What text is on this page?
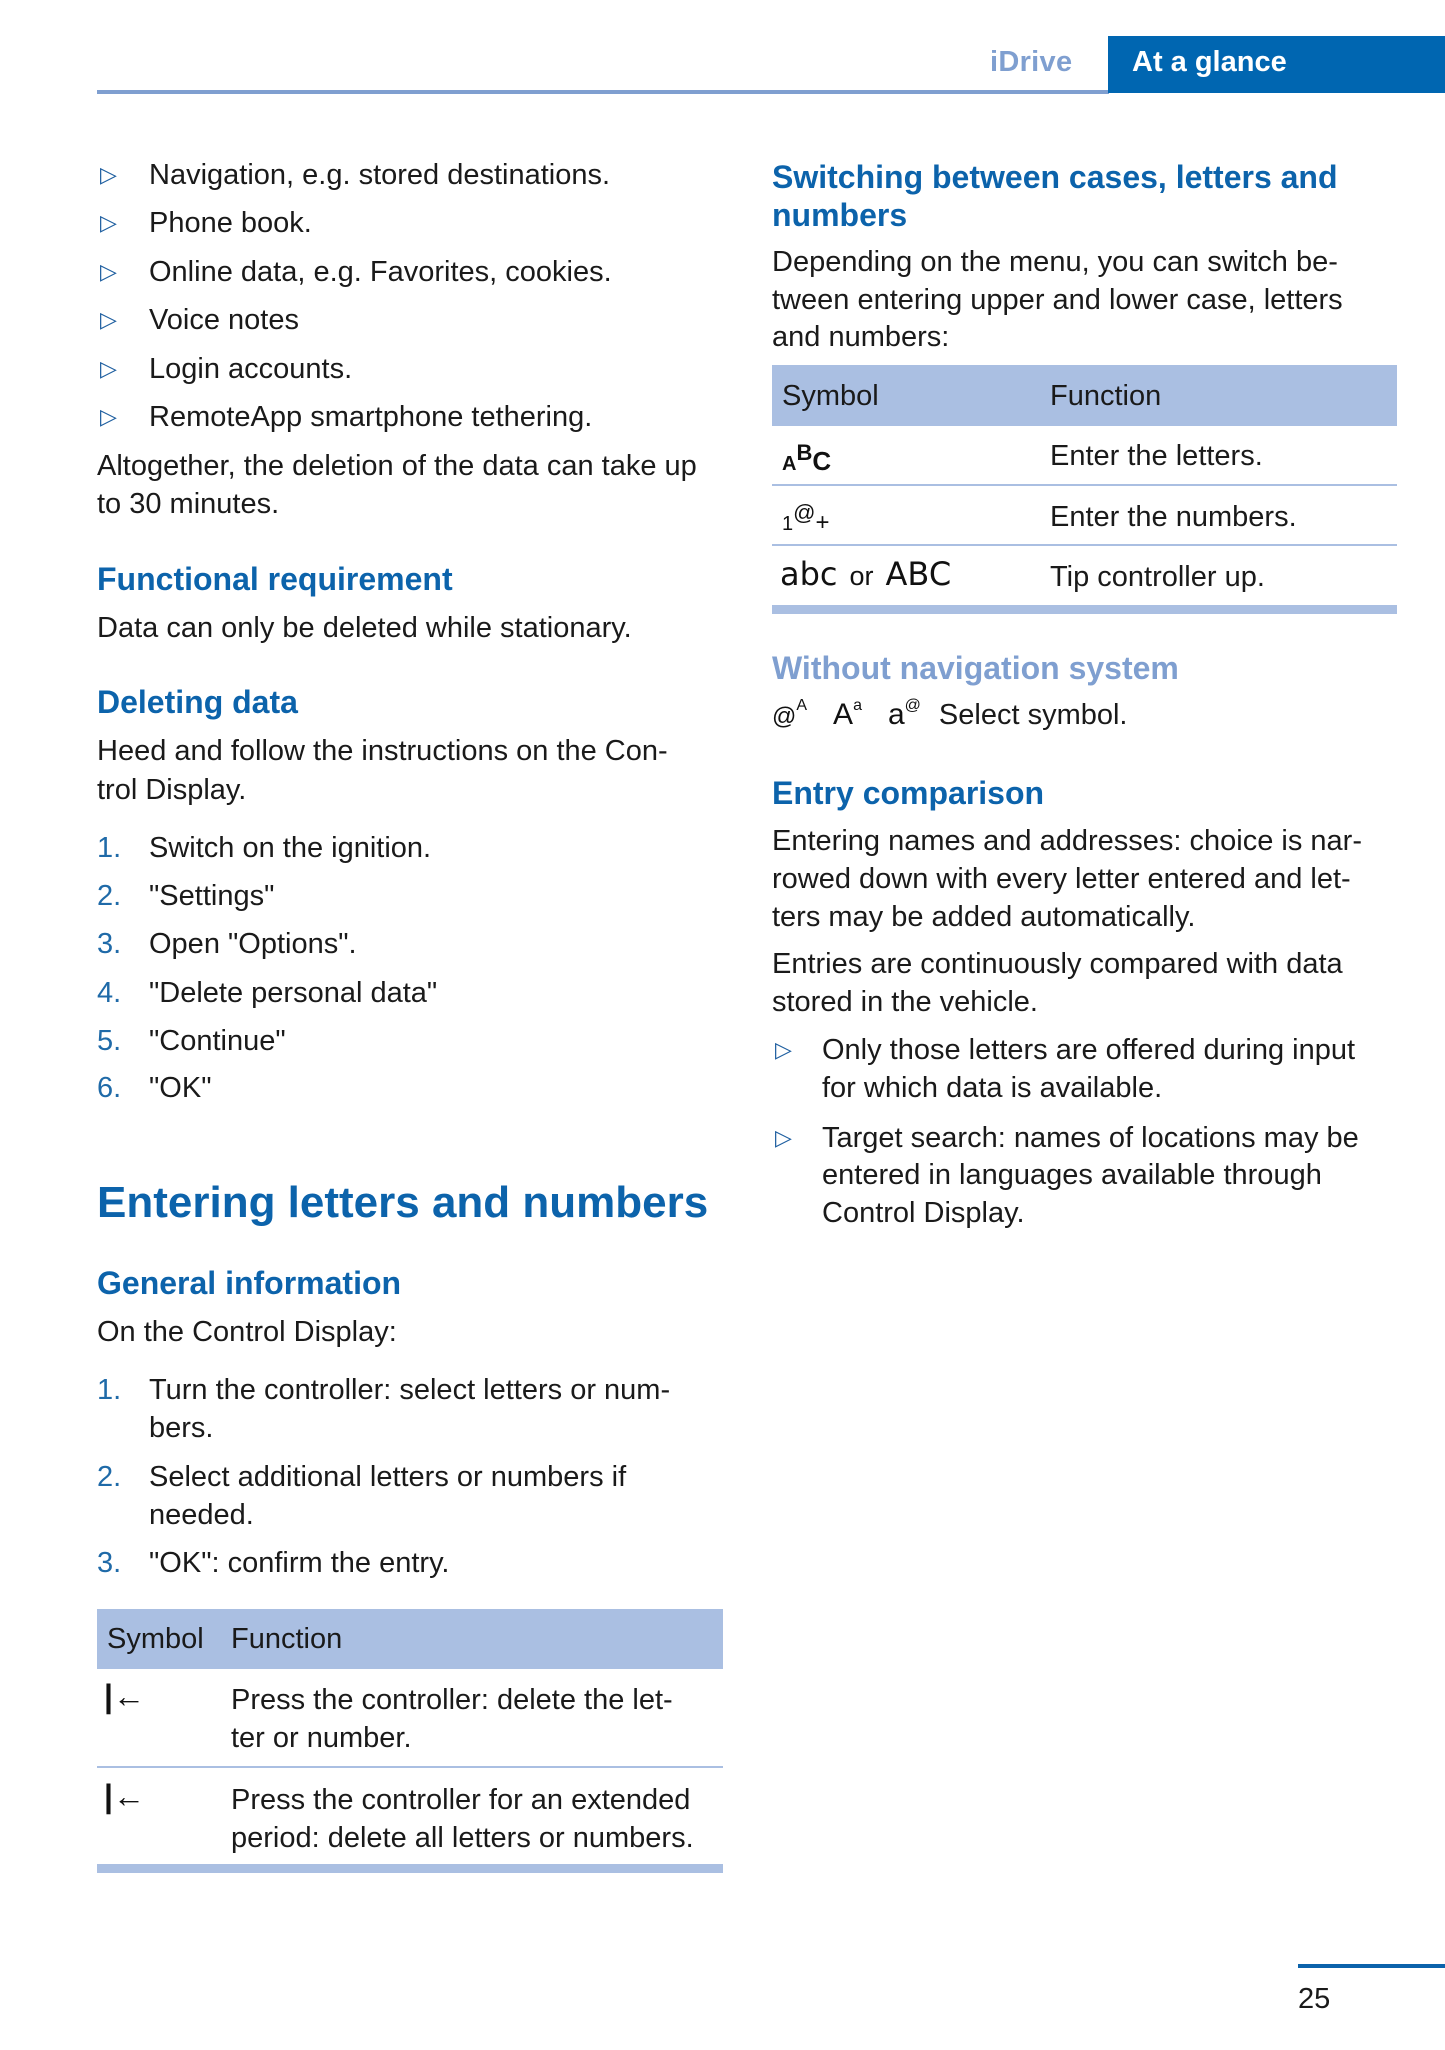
iDrive At a glance
▷ Navigation, e.g. stored destinations.
▷ Phone book.
▷ Online data, e.g. Favorites, cookies.
▷ Voice notes
▷ Login accounts.
▷ RemoteApp smartphone tethering.
Altogether, the deletion of the data can take up
to 30 minutes.
Functional requirement
Data can only be deleted while stationary.
Deleting data
Heed and follow the instructions on the Con-
trol Display.
1. Switch on the ignition.
2. "Settings"
3. Open "Options".
4. "Delete personal data"
5. "Continue"
6. "OK"
Entering letters and numbers
General information
On the Control Display:
1. Turn the controller: select letters or num-
bers.
2. Select additional letters or numbers if
needed.
3. "OK": confirm the entry.
Symbol Function
|←	Press the controller: delete the let-
ter or number.
|←	Press the controller for an extended
period: delete all letters or numbers.
Switching between cases, letters and
numbers
Depending on the menu, you can switch be-
tween entering upper and lower case, letters
and numbers:
Symbol	Function
$A^BC$	Enter the letters.
1@+	Enter the numbers.
abc or ABC	Tip controller up.
Without navigation system
@$^A$ $A^a$ a@ Select symbol.
Entry comparison
Entering names and addresses: choice is nar-
rowed down with every letter entered and let-
ters may be added automatically.
Entries are continuously compared with data
stored in the vehicle.
▷ Only those letters are offered during input
for which data is available.
▷ Target search: names of locations may be
entered in languages available through
Control Display.
25
